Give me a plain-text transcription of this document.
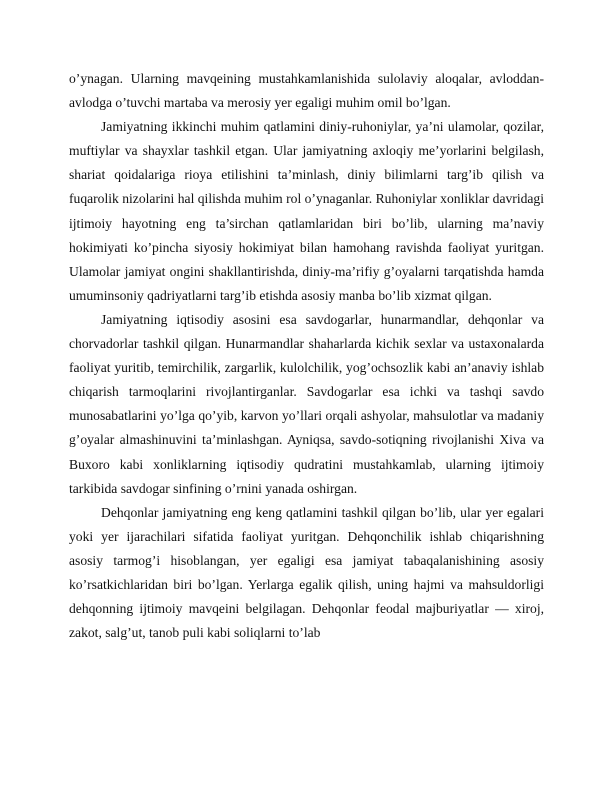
o’ynagan. Ularning mavqeining mustahkamlanishida sulolaviy aloqalar, avloddan-avlodga o’tuvchi martaba va merosiy yer egaligi muhim omil bo’lgan.

Jamiyatning ikkinchi muhim qatlamini diniy-ruhoniylar, ya’ni ulamolar, qozilar, muftiylar va shayxlar tashkil etgan. Ular jamiyatning axloqiy me’yorlarini belgilash, shariat qoidalariga rioya etilishini ta’minlash, diniy bilimlarni targ’ib qilish va fuqarolik nizolarini hal qilishda muhim rol o’ynaganlar. Ruhoniylar xonliklar davridagi ijtimoiy hayotning eng ta’sirchan qatlamlaridan biri bo’lib, ularning ma’naviy hokimiyati ko’pincha siyosiy hokimiyat bilan hamohang ravishda faoliyat yuritgan. Ulamolar jamiyat ongini shakllantirishda, diniy-ma’rifiy g’oyalarni tarqatishda hamda umuminsoniy qadriyatlarni targ’ib etishda asosiy manba bo’lib xizmat qilgan.

Jamiyatning iqtisodiy asosini esa savdogarlar, hunarmandlar, dehqonlar va chorvadorlar tashkil qilgan. Hunarmandlar shaharlarda kichik sexlar va ustaxonalarda faoliyat yuritib, temirchilik, zargarlik, kulolchilik, yog’ochsozlik kabi an’anaviy ishlab chiqarish tarmoqlarini rivojlantirganlar. Savdogarlar esa ichki va tashqi savdo munosabatlarini yo’lga qo’yib, karvon yo’llari orqali ashyolar, mahsulotlar va madaniy g’oyalar almashinuvini ta’minlashgan. Ayniqsa, savdo-sotiqning rivojlanishi Xiva va Buxoro kabi xonliklarning iqtisodiy qudratini mustahkamlab, ularning ijtimoiy tarkibida savdogar sinfining o’rnini yanada oshirgan.

Dehqonlar jamiyatning eng keng qatlamini tashkil qilgan bo’lib, ular yer egalari yoki yer ijarachilari sifatida faoliyat yuritgan. Dehqonchilik ishlab chiqarishning asosiy tarmog’i hisoblangan, yer egaligi esa jamiyat tabaqalanishining asosiy ko’rsatkichlaridan biri bo’lgan. Yerlarga egalik qilish, uning hajmi va mahsuldorligi dehqonning ijtimoiy mavqeini belgilagan. Dehqonlar feodal majburiyatlar — xiroj, zakot, salg’ut, tanob puli kabi soliqlarni to’lab
